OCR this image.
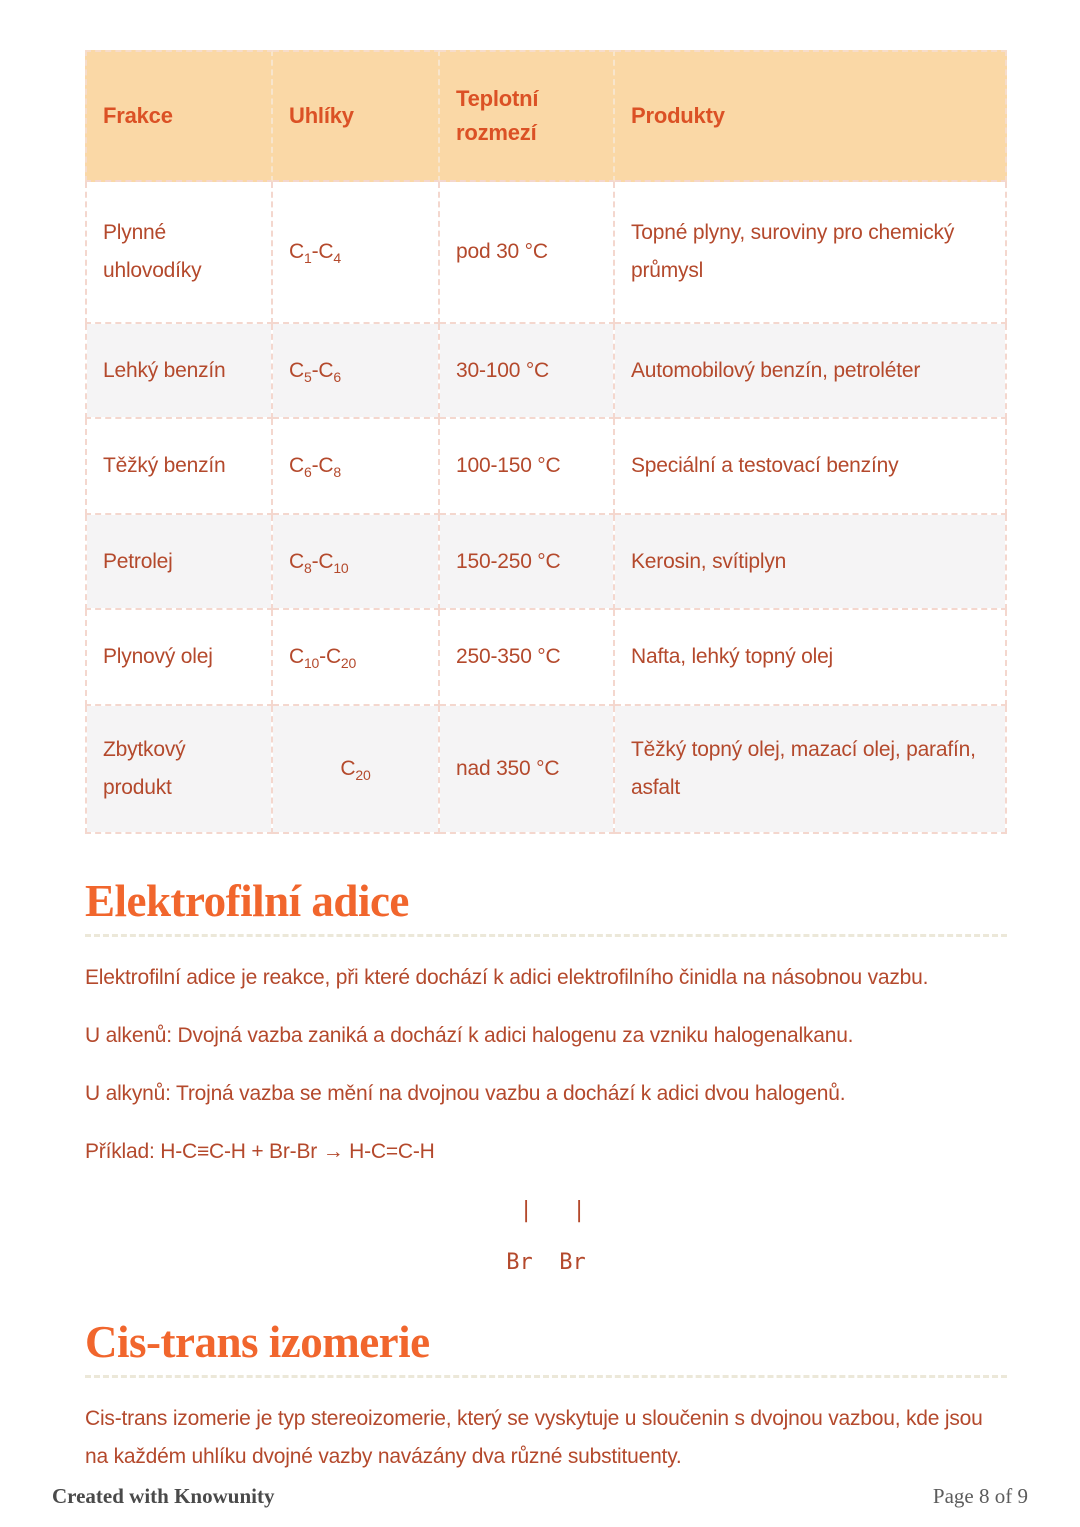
Frakce	Uhlíky	Teplotní rozmezí	Produkty
Plynné uhlovodíky	$C_1-C_4$	pod 30 °C	Topné plyny, suroviny pro chemický průmysl
Lehký benzín	$C_5-C_6$	30-100 °C	Automobilový benzín, petroléter
Těžký benzín	$C_6-C_8$	100-150 °C	Speciální a testovací benzíny
Petrolej	$C_8-C_{10}$	150-250 °C	Kerosin, svítiplyn
Plynový olej	$C_{10}-C_{20}$	250-350 °C	Nafta, lehký topný olej
Zbytkový produkt	$C_{20}$	nad 350 °C	Těžký topný olej, mazací olej, parafín, asfalt
Elektrofilní adice

Elektrofilní adice je reakce, při které dochází k adici elektrofilního činidla na násobnou vazbu.

U alkenů: Dvojná vazba zaniká a dochází k adici halogenu za vzniku halogenalkanu.

U alkynů: Trojná vazba se mění na dvojnou vazbu a dochází k adici dvou halogenů.

Příklad: H-C≡C-H + Br-Br → H-C=C-H

|   |
Br  Br
Cis-trans izomerie

Cis-trans izomerie je typ stereoizomerie, který se vyskytuje u sloučenin s dvojnou vazbou, kde jsou na každém uhlíku dvojné vazby navázány dva různé substituenty.

Created with Knowunity	Page 8 of 9
